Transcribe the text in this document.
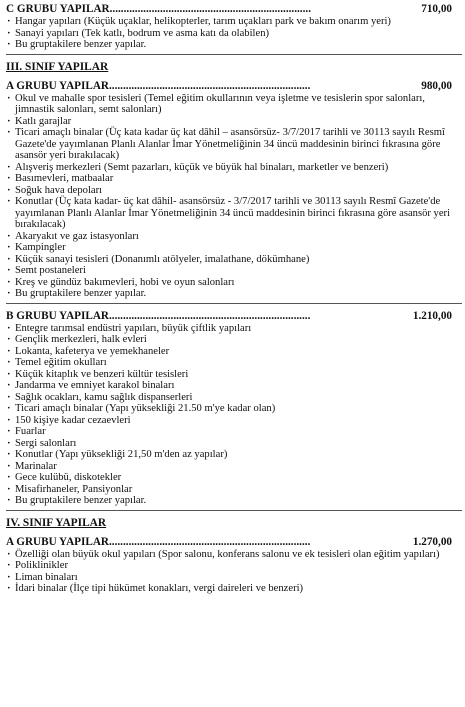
C GRUBU YAPILAR........................................................................	710,00
· Hangar yapıları (Küçük uçaklar, helikopterler, tarım uçakları park ve bakım onarım yeri)
· Sanayi yapıları (Tek katlı, bodrum ve asma katı da olabilen)
· Bu gruptakilere benzer yapılar.
III. SINIF YAPILAR
A GRUBU YAPILAR........................................................................	980,00
· Okul ve mahalle spor tesisleri (Temel eğitim okullarının veya işletme ve tesislerin spor salonları, jimnastik salonları, semt salonları)
· Katlı garajlar
· Ticari amaçlı binalar (Üç kata kadar üç kat dâhil – asansörsüz- 3/7/2017 tarihli ve 30113 sayılı Resmî Gazete'de yayımlanan Planlı Alanlar İmar Yönetmeliğinin 34 üncü maddesinin birinci fıkrasına göre asansör yeri bırakılacak)
· Alışveriş merkezleri (Semt pazarları, küçük ve büyük hal binaları, marketler ve benzeri)
· Basımevleri, matbaalar
· Soğuk hava depoları
· Konutlar (Üç kata kadar- üç kat dâhil- asansörsüz - 3/7/2017 tarihli ve 30113 sayılı Resmî Gazete'de yayımlanan Planlı Alanlar İmar Yönetmeliğinin 34 üncü maddesinin birinci fıkrasına göre asansör yeri bırakılacak)
· Akaryakıt ve gaz istasyonları
· Kampingler
· Küçük sanayi tesisleri (Donanımlı atölyeler, imalathane, dökümhane)
· Semt postaneleri
· Kreş ve gündüz bakımevleri, hobi ve oyun salonları
· Bu gruptakilere benzer yapılar.
B GRUBU YAPILAR........................................................................	1.210,00
· Entegre tarımsal endüstri yapıları, büyük çiftlik yapıları
· Gençlik merkezleri, halk evleri
· Lokanta, kafeterya ve yemekhaneler
· Temel eğitim okulları
· Küçük kitaplık ve benzeri kültür tesisleri
· Jandarma ve emniyet karakol binaları
· Sağlık ocakları, kamu sağlık dispanserleri
· Ticari amaçlı binalar (Yapı yüksekliği 21.50 m'ye kadar olan)
· 150 kişiye kadar cezaevleri
· Fuarlar
· Sergi salonları
· Konutlar (Yapı yüksekliği 21,50 m'den az yapılar)
· Marinalar
· Gece kulübü, diskotekler
· Misafirhaneler, Pansiyonlar
· Bu gruptakilere benzer yapılar.
IV. SINIF YAPILAR
A GRUBU YAPILAR........................................................................	1.270,00
· Özelliği olan büyük okul yapıları (Spor salonu, konferans salonu ve ek tesisleri olan eğitim yapıları)
· Poliklinikler
· Liman binaları
· İdari binalar (İlçe tipi hükümet konakları, vergi daireleri ve benzeri)
